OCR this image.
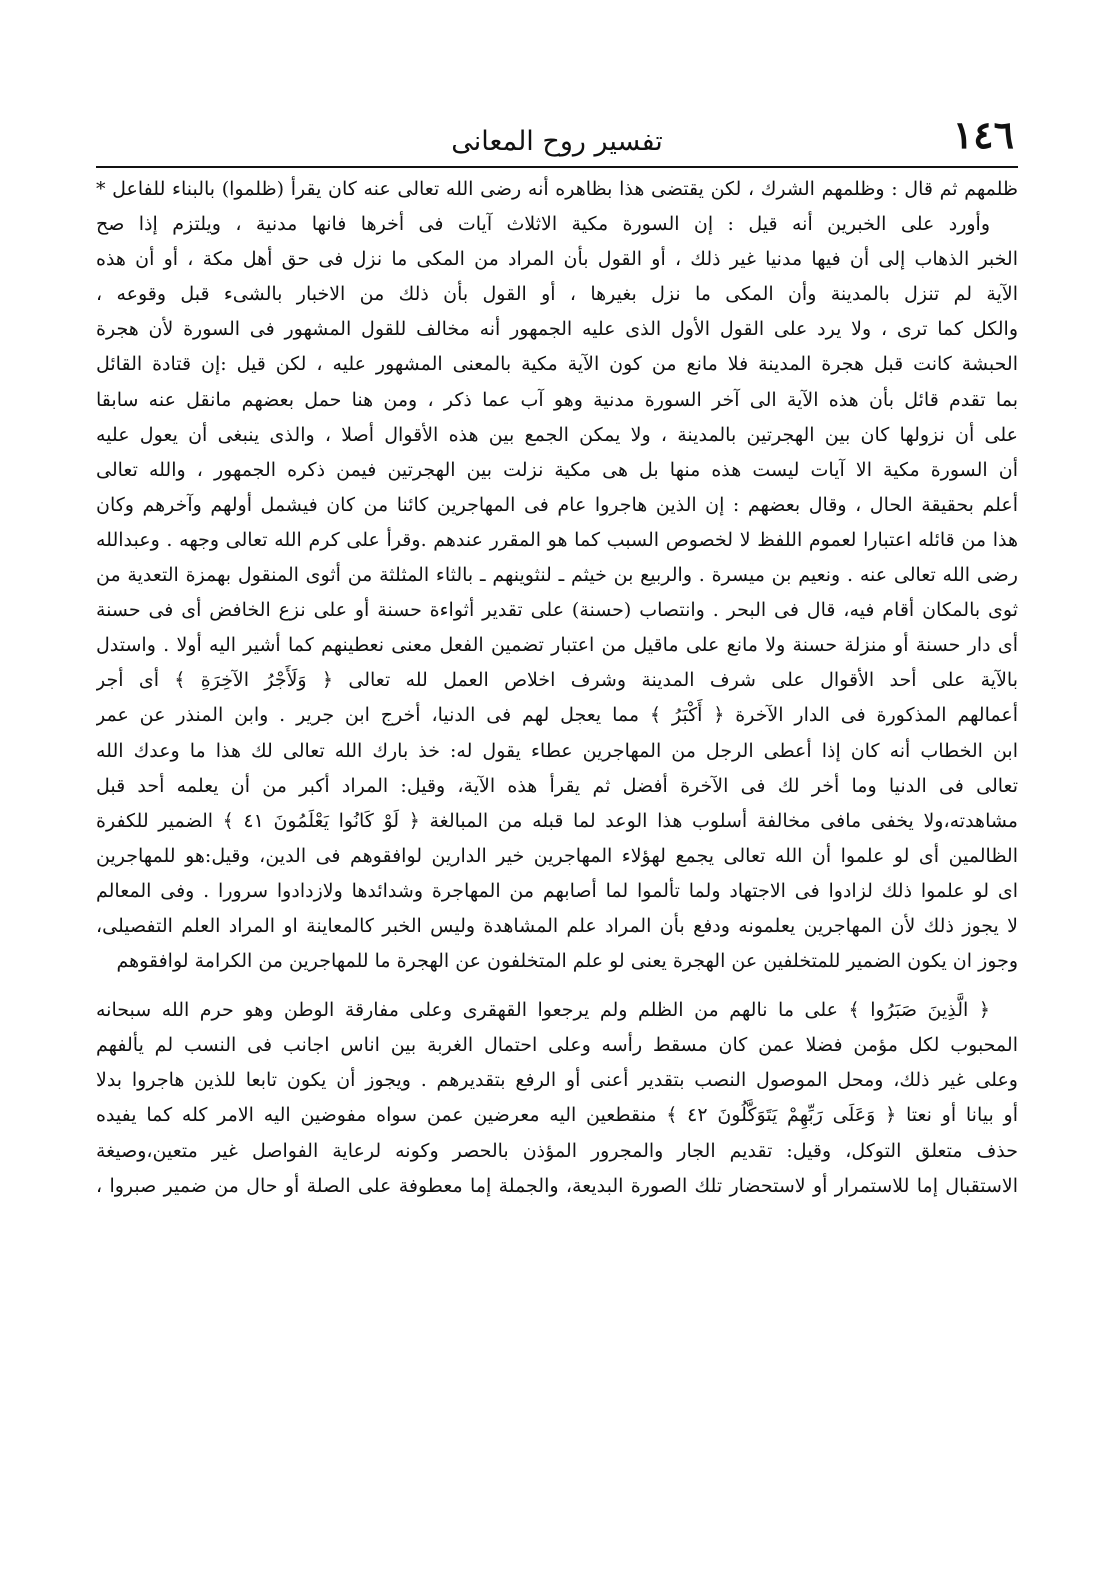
١٤٦
تفسير روح المعانى
ظلمهم ثم قال : وظلمهم الشرك ، لكن يقتضى هذا بظاهره أنه رضى الله تعالى عنه كان يقرأ (ظلموا) بالبناء للفاعل *
وأورد على الخبرين أنه قيل : إن السورة مكية الاثلاث آيات فى أخرها فانها مدنية ، ويلتزم إذا صح
الخبر الذهاب إلى أن فيها مدنيا غير ذلك ، أو القول بأن المراد من المكى ما نزل فى حق أهل مكة ، أو أن هذه
الآية لم تنزل بالمدينة وأن المكى ما نزل بغيرها ، أو القول بأن ذلك من الاخبار بالشىء قبل وقوعه ،
والكل كما ترى ، ولا يرد على القول الأول الذى عليه الجمهور أنه مخالف للقول المشهور فى السورة لأن هجرة
الحبشة كانت قبل هجرة المدينة فلا مانع من كون الآية مكية بالمعنى المشهور عليه ، لكن قيل :إن قتادة القائل
بما تقدم قائل بأن هذه الآية الى آخر السورة مدنية وهو آب عما ذكر ، ومن هنا حمل بعضهم مانقل عنه سابقا
على أن نزولها كان بين الهجرتين بالمدينة ، ولا يمكن الجمع بين هذه الأقوال أصلا ، والذى ينبغى أن يعول عليه
أن السورة مكية الا آيات ليست هذه منها بل هى مكية نزلت بين الهجرتين فيمن ذكره الجمهور ، والله تعالى
أعلم بحقيقة الحال ، وقال بعضهم : إن الذين هاجروا عام فى المهاجرين كائنا من كان فيشمل أولهم وآخرهم وكان
هذا من قائله اعتبارا لعموم اللفظ لا لخصوص السبب كما هو المقرر عندهم .وقرأ على كرم الله تعالى وجهه . وعبدالله
رضى الله تعالى عنه . ونعيم بن ميسرة . والربيع بن خيثم ـ لنثوينهم ـ بالثاء المثلثة من أثوى المنقول بهمزة التعدية من
ثوى بالمكان أقام فيه، قال فى البحر . وانتصاب (حسنة) على تقدير أثواءة حسنة أو على نزع الخافض أى فى حسنة
أى دار حسنة أو منزلة حسنة ولا مانع على ماقيل من اعتبار تضمين الفعل معنى نعطينهم كما أشير اليه أولا . واستدل
بالآية على أحد الأقوال على شرف المدينة وشرف اخلاص العمل لله تعالى ﴿ وَلَأَجْرُ الآخِرَةِ ﴾ أى أجر
أعمالهم المذكورة فى الدار الآخرة ﴿ أَكْبَرُ ﴾ مما يعجل لهم فى الدنيا، أخرج ابن جرير . وابن المنذر عن عمر
ابن الخطاب أنه كان إذا أعطى الرجل من المهاجرين عطاء يقول له: خذ بارك الله تعالى لك هذا ما وعدك الله
تعالى فى الدنيا وما أخر لك فى الآخرة أفضل ثم يقرأ هذه الآية، وقيل: المراد أكبر من أن يعلمه أحد قبل
مشاهدته،ولا يخفى مافى مخالفة أسلوب هذا الوعد لما قبله من المبالغة ﴿ لَوْ كَانُوا يَعْلَمُونَ ٤١ ﴾ الضمير للكفرة
الظالمين أى لو علموا أن الله تعالى يجمع لهؤلاء المهاجرين خير الدارين لوافقوهم فى الدين، وقيل:هو للمهاجرين
اى لو علموا ذلك لزادوا فى الاجتهاد ولما تألموا لما أصابهم من المهاجرة وشدائدها ولازدادوا سرورا . وفى المعالم
لا يجوز ذلك لأن المهاجرين يعلمونه ودفع بأن المراد علم المشاهدة وليس الخبر كالمعاينة او المراد العلم التفصيلى،
وجوز ان يكون الضمير للمتخلفين عن الهجرة يعنى لو علم المتخلفون عن الهجرة ما للمهاجرين من الكرامة لوافقوهم
﴿ الَّذِينَ صَبَرُوا ﴾ على ما نالهم من الظلم ولم يرجعوا القهقرى وعلى مفارقة الوطن وهو حرم الله سبحانه
المحبوب لكل مؤمن فضلا عمن كان مسقط رأسه وعلى احتمال الغربة بين اناس اجانب فى النسب لم يألفهم
وعلى غير ذلك، ومحل الموصول النصب بتقدير أعنى أو الرفع بتقديرهم . ويجوز أن يكون تابعا للذين هاجروا بدلا
أو بيانا أو نعتا ﴿ وَعَلَى رَبِّهِمْ يَتَوَكَّلُونَ ٤٢ ﴾ منقطعين اليه معرضين عمن سواه مفوضين اليه الامر كله كما يفيده
حذف متعلق التوكل، وقيل: تقديم الجار والمجرور المؤذن بالحصر وكونه لرعاية الفواصل غير متعين،وصيغة
الاستقبال إما للاستمرار أو لاستحضار تلك الصورة البديعة، والجملة إما معطوفة على الصلة أو حال من ضمير صبروا ،
